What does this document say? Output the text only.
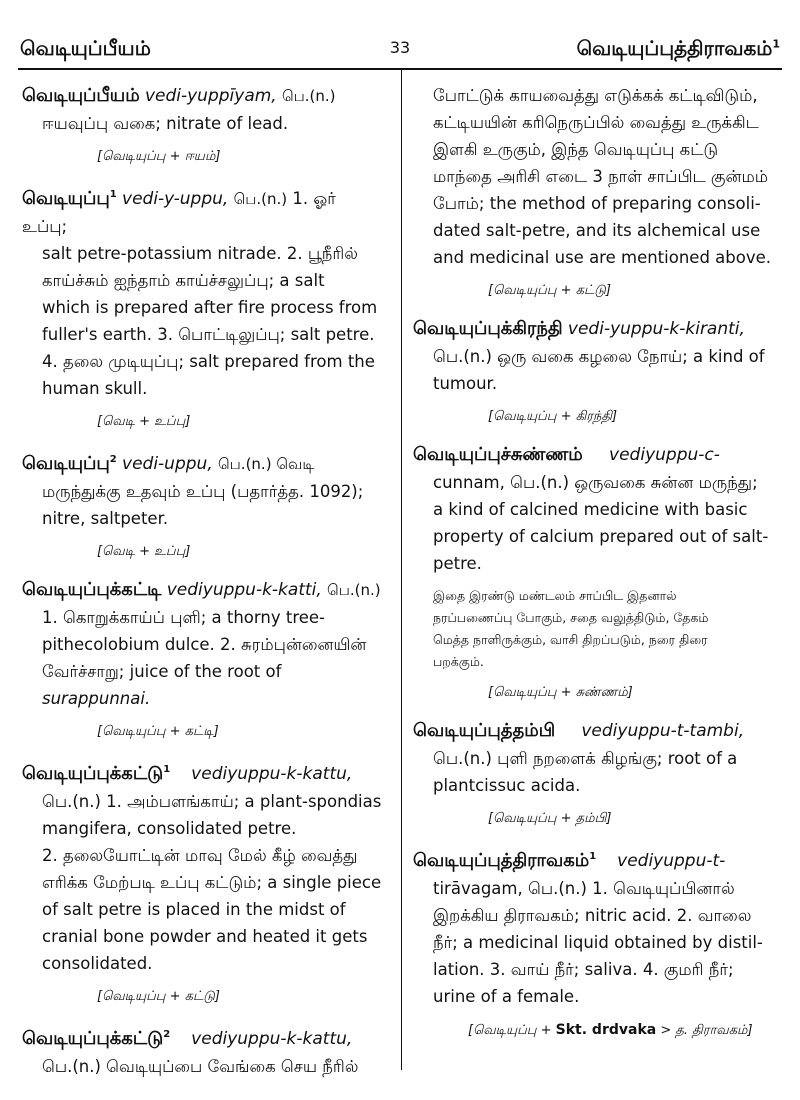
வெடியுப்பீயம்	33	வெடியுப்புத்திராவகம்$^1$
வெடியுப்பீயம் vedi-yuppīyam, பெ.(n.)
ஈயவுப்பு வகை; nitrate of lead.
[வெடியுப்பு + ஈயம்]
வெடியுப்பு$^1$ vedi-y-uppu, பெ.(n.) 1. ஓர் உப்பு;
salt petre-potassium nitrade. 2. பூநீரில்
காய்ச்சும் ஐந்தாம் காய்ச்சலுப்பு; a salt
which is prepared after fire process from
fuller's earth. 3. பொட்டிலுப்பு; salt petre.
4. தலை முடியுப்பு; salt prepared from the
human skull.
[வெடி + உப்பு]
வெடியுப்பு$^2$ vedi-uppu, பெ.(n.) வெடி
மருந்துக்கு உதவும் உப்பு (பதார்த்த. 1092);
nitre, saltpeter.
[வெடி + உப்பு]
வெடியுப்புக்கட்டி vediyuppu-k-katti, பெ.(n.)
1. கொறுக்காய்ப் புளி; a thorny tree-
pithecolobium dulce. 2. சுரம்புன்னையின்
வேர்ச்சாறு; juice of the root of
surappunnai.
[வெடியுப்பு + கட்டி]
வெடியுப்புக்கட்டு$^1$ vediyuppu-k-kattu,
பெ.(n.) 1. அம்பளங்காய்; a plant-spondias
mangifera, consolidated petre.
2. தலையோட்டின் மாவு மேல் கீழ் வைத்து
எரிக்க மேற்படி உப்பு கட்டும்; a single piece
of salt petre is placed in the midst of
cranial bone powder and heated it gets
consolidated.
[வெடியுப்பு + கட்டு]
வெடியுப்புக்கட்டு$^2$ vediyuppu-k-kattu,
பெ.(n.) வெடியுப்பை வேங்கை செய நீரில்
போட்டுக் காயவைத்து எடுக்கக் கட்டிவிடும்,
கட்டியயின் கரிநெருப்பில் வைத்து உருக்கிட
இளகி உருகும், இந்த வெடியுப்பு கட்டு
மாந்தை அரிசி எடை 3 நாள் சாப்பிட குன்மம்
போம்; the method of preparing consoli-
dated salt-petre, and its alchemical use
and medicinal use are mentioned above.
[வெடியுப்பு + கட்டு]
வெடியுப்புக்கிரந்தி vedi-yuppu-k-kiranti,
பெ.(n.) ஒரு வகை கழலை நோய்; a kind of
tumour.
[வெடியுப்பு + கிரந்தி]
வெடியுப்புச்சுண்ணம் vediyuppu-c-
cunnam, பெ.(n.) ஒருவகை சுன்ன மருந்து;
a kind of calcined medicine with basic
property of calcium prepared out of salt-
petre.
இதை இரண்டு மண்டலம் சாப்பிட இதனால்
நரப்பணைப்பு போகும், சதை வலுத்திடும், தேகம்
மெத்த நாளிருக்கும், வாசி திறப்படும், நரை திரை
பறக்கும்.
[வெடியுப்பு + சுண்ணம்]
வெடியுப்புத்தம்பி vediyuppu-t-tambi,
பெ.(n.) புளி நறளைக் கிழங்கு; root of a
plantcissuc acida.
[வெடியுப்பு + தம்பி]
வெடியுப்புத்திராவகம்$^1$ vediyuppu-t-
tirāvagam, பெ.(n.) 1. வெடியுப்பினால்
இறக்கிய திராவகம்; nitric acid. 2. வாலை
நீர்; a medicinal liquid obtained by distil-
lation. 3. வாய் நீர்; saliva. 4. குமரி நீர்;
urine of a female.
[வெடியுப்பு + Skt. drdvaka > த. திராவகம்]
